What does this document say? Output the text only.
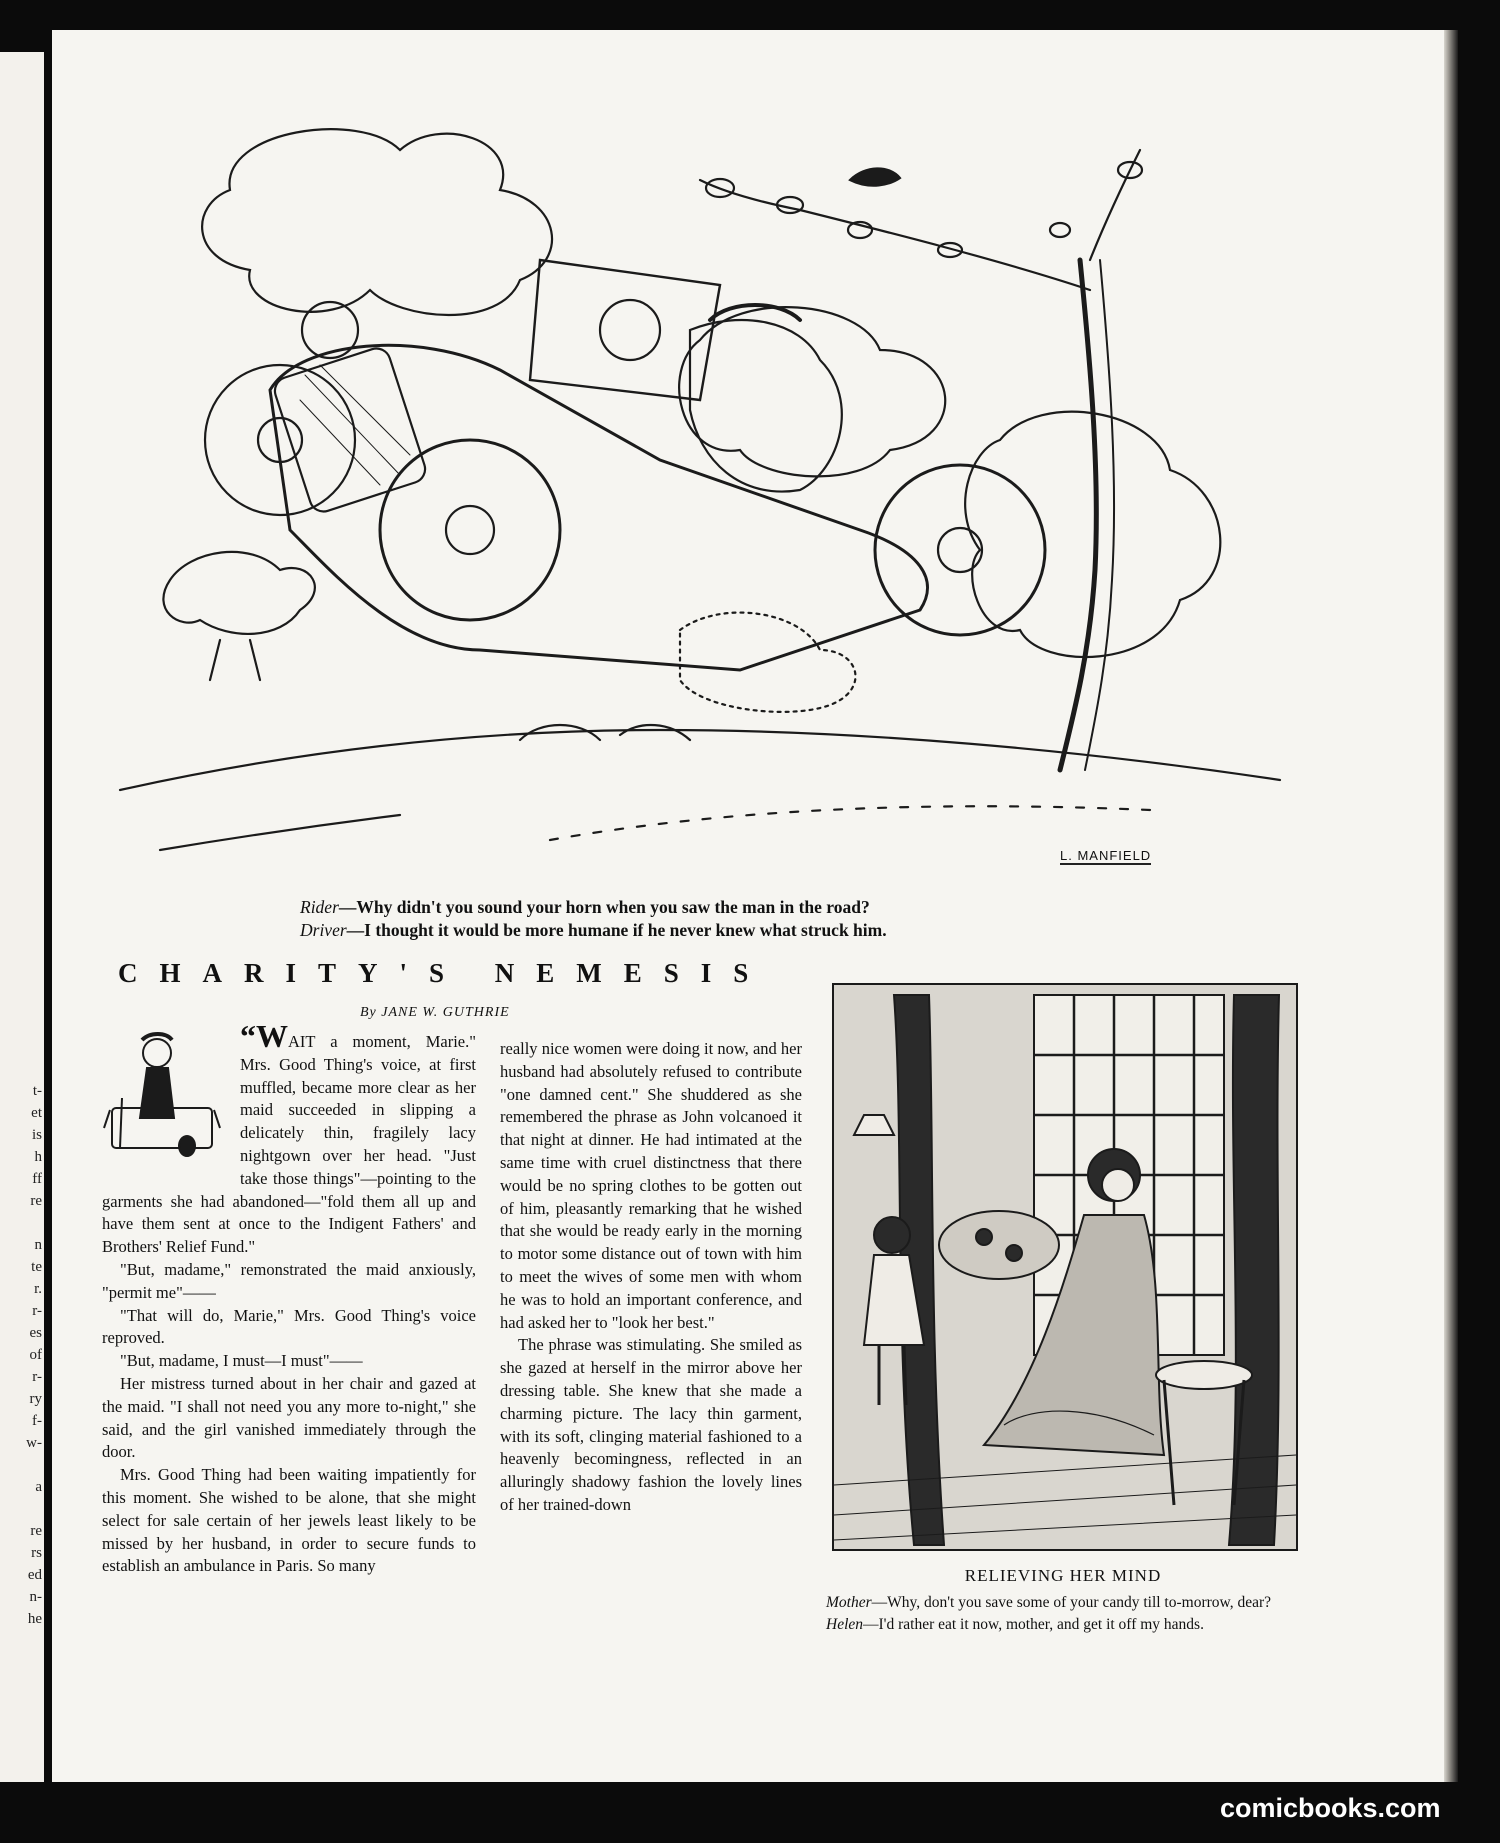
t-
et
is
h
ff
re
n
te
r.
r-
es
of
r-
ry
f-
w-
a
re
rs
ed
n-
he
L. MANFIELD
Rider—Why didn't you sound your horn when you saw the man in the road?
Driver—I thought it would be more humane if he never knew what struck him.
CHARITY'S NEMESIS
By JANE W. GUTHRIE

“WAIT a moment, Marie." Mrs. Good Thing's voice, at first muffled, became more clear as her maid succeeded in slipping a delicately thin, fragilely lacy nightgown over her head. "Just take those things"—pointing to the garments she had abandoned—"fold them all up and have them sent at once to the Indigent Fathers' and Brothers' Relief Fund."

"But, madame," remonstrated the maid anxiously, "permit me"——

"That will do, Marie," Mrs. Good Thing's voice reproved.

"But, madame, I must—I must"——

Her mistress turned about in her chair and gazed at the maid. "I shall not need you any more to-night," she said, and the girl vanished immediately through the door.

Mrs. Good Thing had been waiting impatiently for this moment. She wished to be alone, that she might select for sale certain of her jewels least likely to be missed by her husband, in order to secure funds to establish an ambulance in Paris. So many

really nice women were doing it now, and her husband had absolutely refused to contribute "one damned cent." She shuddered as she remembered the phrase as John volcanoed it that night at dinner. He had intimated at the same time with cruel distinctness that there would be no spring clothes to be gotten out of him, pleasantly remarking that he wished that she would be ready early in the morning to motor some distance out of town with him to meet the wives of some men with whom he was to hold an important conference, and had asked her to "look her best."

The phrase was stimulating. She smiled as she gazed at herself in the mirror above her dressing table. She knew that she made a charming picture. The lacy thin garment, with its soft, clinging material fashioned to a heavenly becomingness, reflected in an alluringly shadowy fashion the lovely lines of her trained-down

RELIEVING HER MIND
Mother—Why, don't you save some of your candy till to-morrow, dear?
Helen—I'd rather eat it now, mother, and get it off my hands.
comicbooks.com
